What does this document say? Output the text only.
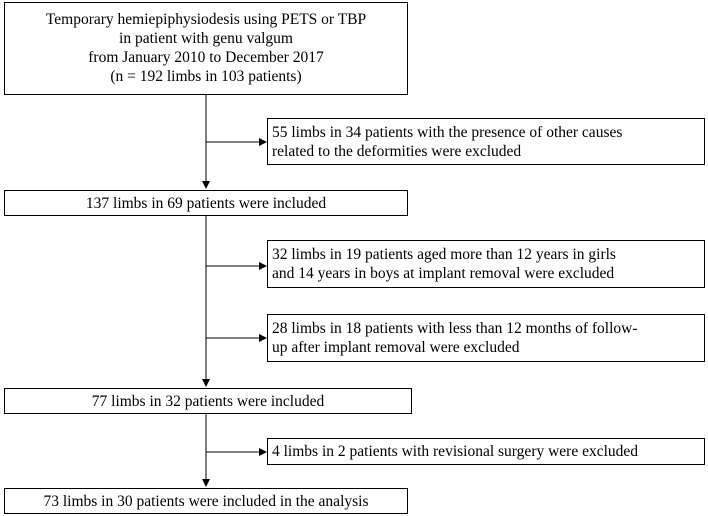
Temporary hemiepiphysiodesis using PETS or TBP
in patient with genu valgum
from January 2010 to December 2017
(n = 192 limbs in 103 patients)
55 limbs in 34 patients with the presence of other causes
related to the deformities were excluded
137 limbs in 69 patients were included
32 limbs in 19 patients aged more than 12 years in girls
and 14 years in boys at implant removal were excluded
28 limbs in 18 patients with less than 12 months of follow-
up after implant removal were excluded
77 limbs in 32 patients were included
4 limbs in 2 patients with revisional surgery were excluded
73 limbs in 30 patients were included in the analysis
